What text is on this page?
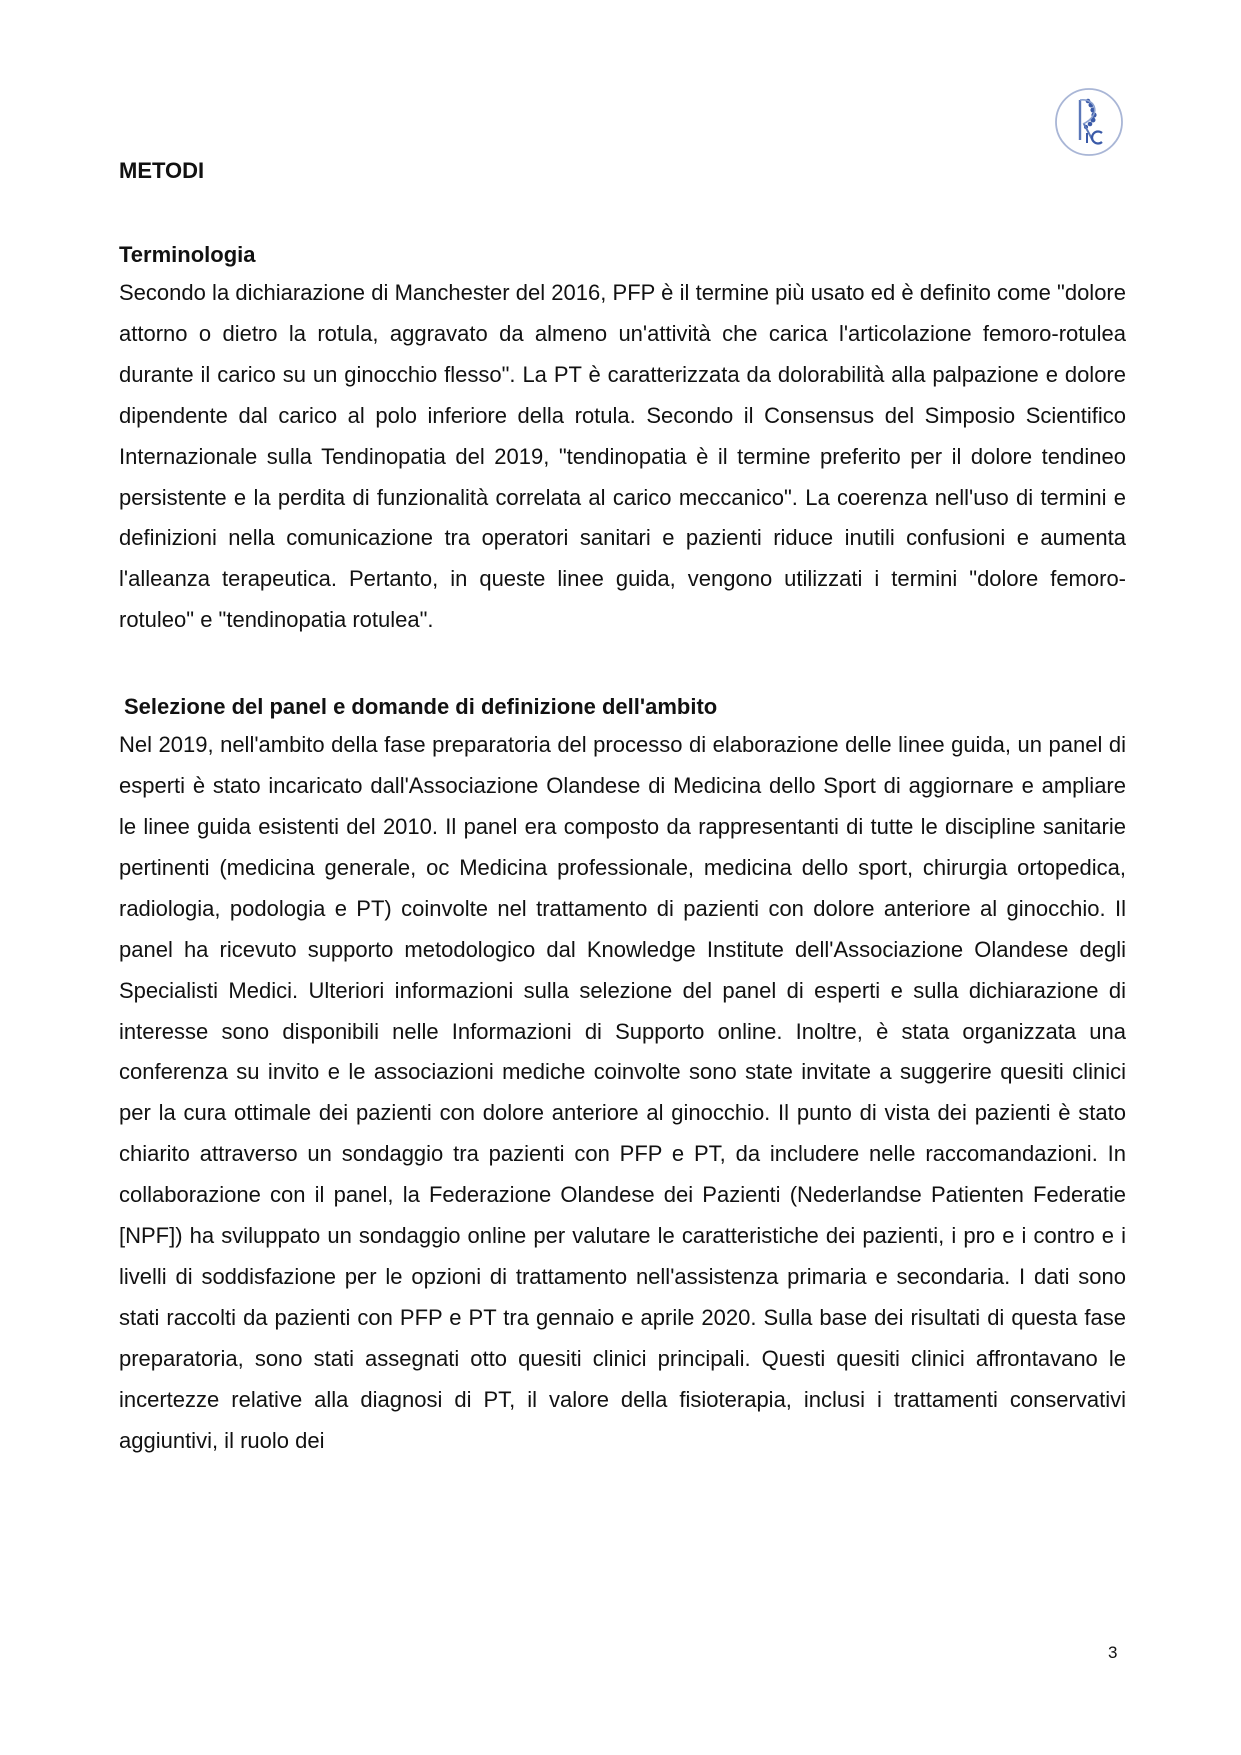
METODI
Terminologia

Secondo la dichiarazione di Manchester del 2016, PFP è il termine più usato ed è definito come "dolore attorno o dietro la rotula, aggravato da almeno un'attività che carica l'articolazione femoro-rotulea durante il carico su un ginocchio flesso". La PT è caratterizzata da dolorabilità alla palpazione e dolore dipendente dal carico al polo inferiore della rotula. Secondo il Consensus del Simposio Scientifico Internazionale sulla Tendinopatia del 2019, "tendinopatia è il termine preferito per il dolore tendineo persistente e la perdita di funzionalità correlata al carico meccanico". La coerenza nell'uso di termini e definizioni nella comunicazione tra operatori sanitari e pazienti riduce inutili confusioni e aumenta l'alleanza terapeutica. Pertanto, in queste linee guida, vengono utilizzati i termini "dolore femoro-rotuleo" e "tendinopatia rotulea".

Selezione del panel e domande di definizione dell'ambito

Nel 2019, nell'ambito della fase preparatoria del processo di elaborazione delle linee guida, un panel di esperti è stato incaricato dall'Associazione Olandese di Medicina dello Sport di aggiornare e ampliare le linee guida esistenti del 2010. Il panel era composto da rappresentanti di tutte le discipline sanitarie pertinenti (medicina generale, oc Medicina professionale, medicina dello sport, chirurgia ortopedica, radiologia, podologia e PT) coinvolte nel trattamento di pazienti con dolore anteriore al ginocchio. Il panel ha ricevuto supporto metodologico dal Knowledge Institute dell'Associazione Olandese degli Specialisti Medici. Ulteriori informazioni sulla selezione del panel di esperti e sulla dichiarazione di interesse sono disponibili nelle Informazioni di Supporto online. Inoltre, è stata organizzata una conferenza su invito e le associazioni mediche coinvolte sono state invitate a suggerire quesiti clinici per la cura ottimale dei pazienti con dolore anteriore al ginocchio. Il punto di vista dei pazienti è stato chiarito attraverso un sondaggio tra pazienti con PFP e PT, da includere nelle raccomandazioni. In collaborazione con il panel, la Federazione Olandese dei Pazienti (Nederlandse Patienten Federatie [NPF]) ha sviluppato un sondaggio online per valutare le caratteristiche dei pazienti, i pro e i contro e i livelli di soddisfazione per le opzioni di trattamento nell'assistenza primaria e secondaria. I dati sono stati raccolti da pazienti con PFP e PT tra gennaio e aprile 2020. Sulla base dei risultati di questa fase preparatoria, sono stati assegnati otto quesiti clinici principali. Questi quesiti clinici affrontavano le incertezze relative alla diagnosi di PT, il valore della fisioterapia, inclusi i trattamenti conservativi aggiuntivi, il ruolo dei

3
